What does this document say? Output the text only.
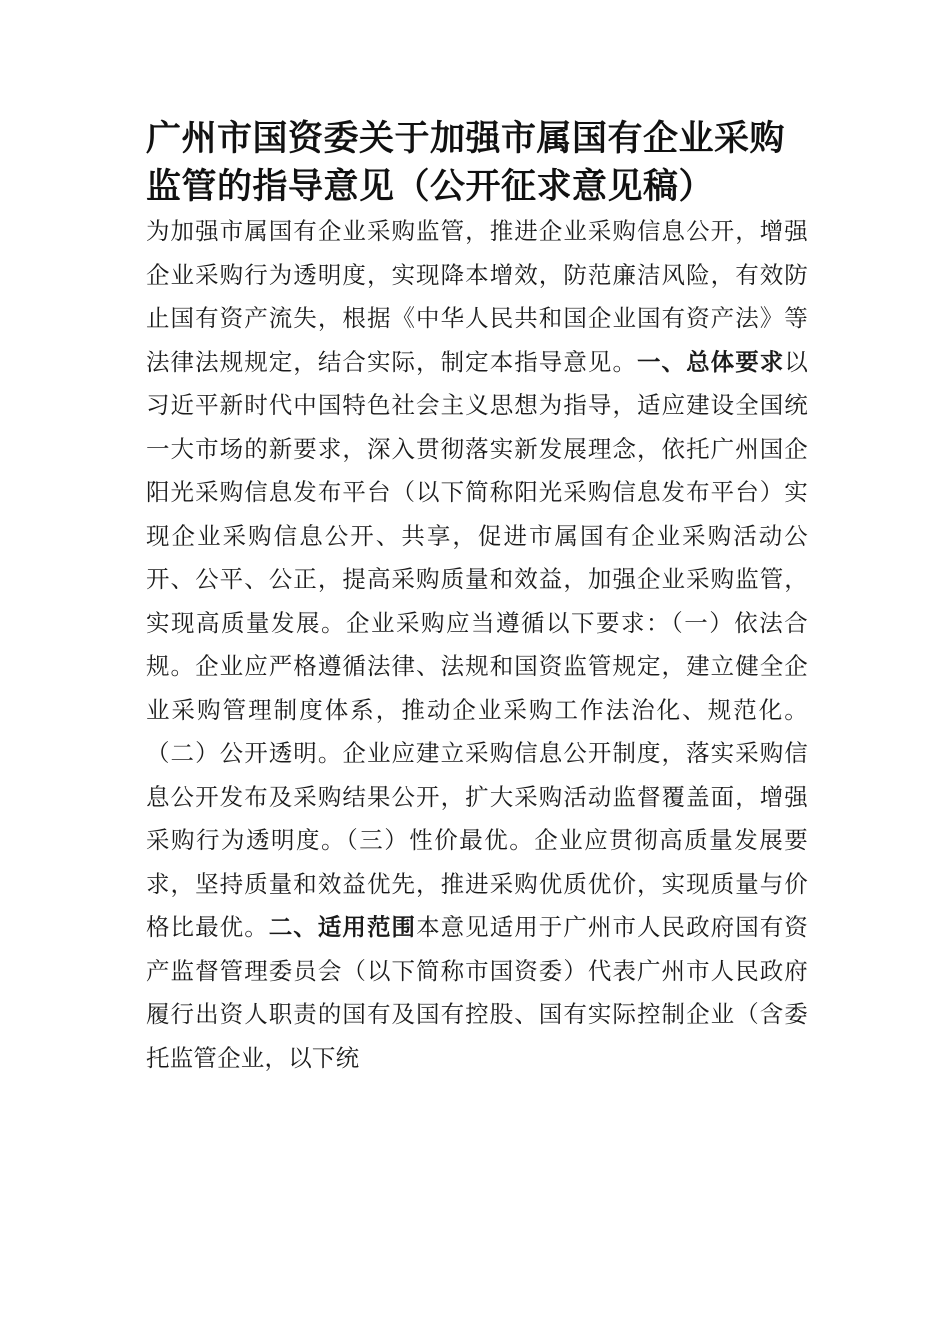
广州市国资委关于加强市属国有企业采购监管的指导意见（公开征求意见稿）

为加强市属国有企业采购监管，推进企业采购信息公开，增强企业采购行为透明度，实现降本增效，防范廉洁风险，有效防止国有资产流失，根据《中华人民共和国企业国有资产法》等法律法规规定，结合实际，制定本指导意见。一、总体要求以习近平新时代中国特色社会主义思想为指导，适应建设全国统一大市场的新要求，深入贯彻落实新发展理念，依托广州国企阳光采购信息发布平台（以下简称阳光采购信息发布平台）实现企业采购信息公开、共享，促进市属国有企业采购活动公开、公平、公正，提高采购质量和效益，加强企业采购监管，实现高质量发展。企业采购应当遵循以下要求：（一）依法合规。企业应严格遵循法律、法规和国资监管规定，建立健全企业采购管理制度体系，推动企业采购工作法治化、规范化。（二）公开透明。企业应建立采购信息公开制度，落实采购信息公开发布及采购结果公开，扩大采购活动监督覆盖面，增强采购行为透明度。（三）性价最优。企业应贯彻高质量发展要求，坚持质量和效益优先，推进采购优质优价，实现质量与价格比最优。二、适用范围本意见适用于广州市人民政府国有资产监督管理委员会（以下简称市国资委）代表广州市人民政府履行出资人职责的国有及国有控股、国有实际控制企业（含委托监管企业，以下统
